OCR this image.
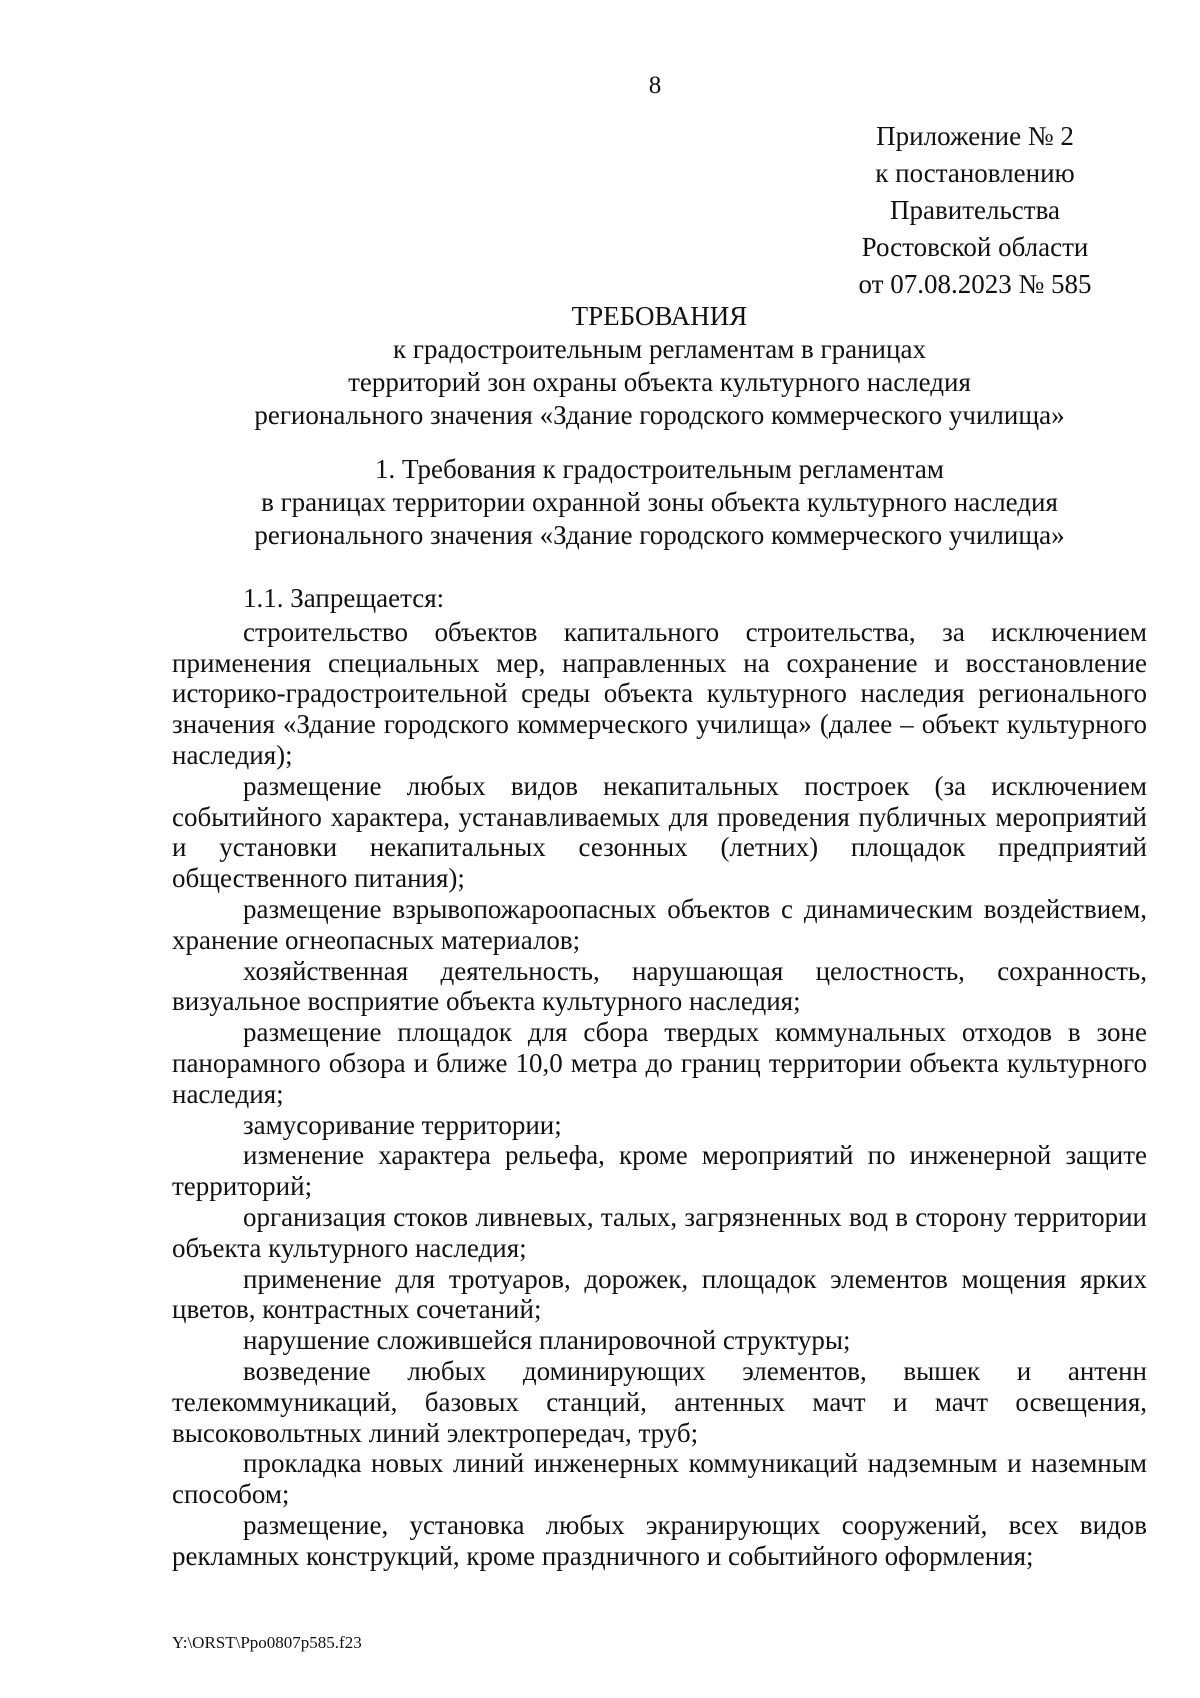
8
Приложение № 2
к постановлению
Правительства
Ростовской области
от 07.08.2023 № 585
ТРЕБОВАНИЯ
к градостроительным регламентам в границах
территорий зон охраны объекта культурного наследия
регионального значения «Здание городского коммерческого училища»
1. Требования к градостроительным регламентам
в границах территории охранной зоны объекта культурного наследия
регионального значения «Здание городского коммерческого училища»

1.1. Запрещается:

строительство объектов капитального строительства, за исключением применения специальных мер, направленных на сохранение и восстановление историко-градостроительной среды объекта культурного наследия регионального значения «Здание городского коммерческого училища» (далее – объект культурного наследия);

размещение любых видов некапитальных построек (за исключением событийного характера, устанавливаемых для проведения публичных мероприятий и установки некапитальных сезонных (летних) площадок предприятий общественного питания);

размещение взрывопожароопасных объектов с динамическим воздействием, хранение огнеопасных материалов;

хозяйственная деятельность, нарушающая целостность, сохранность, визуальное восприятие объекта культурного наследия;

размещение площадок для сбора твердых коммунальных отходов в зоне панорамного обзора и ближе 10,0 метра до границ территории объекта культурного наследия;

замусоривание территории;

изменение характера рельефа, кроме мероприятий по инженерной защите территорий;

организация стоков ливневых, талых, загрязненных вод в сторону территории объекта культурного наследия;

применение для тротуаров, дорожек, площадок элементов мощения ярких цветов, контрастных сочетаний;

нарушение сложившейся планировочной структуры;

возведение любых доминирующих элементов, вышек и антенн телекоммуникаций, базовых станций, антенных мачт и мачт освещения, высоковольтных линий электропередач, труб;

прокладка новых линий инженерных коммуникаций надземным и наземным способом;

размещение, установка любых экранирующих сооружений, всех видов рекламных конструкций, кроме праздничного и событийного оформления;

Y:\ORST\Ppo0807p585.f23
